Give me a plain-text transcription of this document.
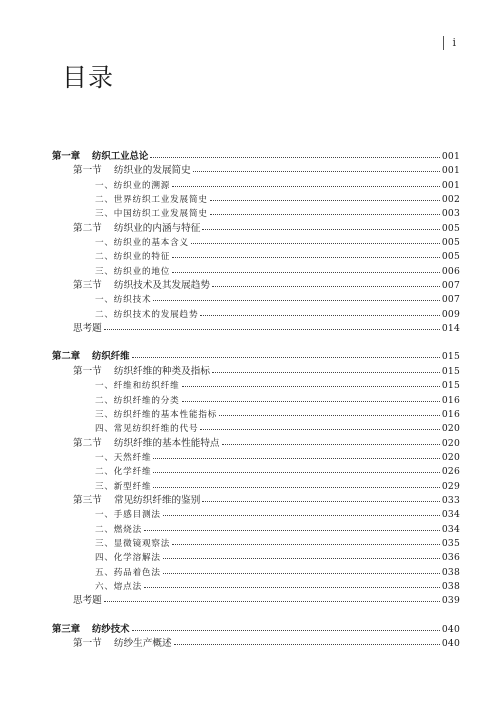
i
目录
第一章 纺织工业总论	001
第一节 纺织业的发展简史	001
一、纺织业的溯源	001
二、世界纺织工业发展简史	002
三、中国纺织工业发展简史	003
第二节 纺织业的内涵与特征	005
一、纺织业的基本含义	005
二、纺织业的特征	005
三、纺织业的地位	006
第三节 纺织技术及其发展趋势	007
一、纺织技术	007
二、纺织技术的发展趋势	009
思考题	014
第二章 纺织纤维	015
第一节 纺织纤维的种类及指标	015
一、纤维和纺织纤维	015
二、纺织纤维的分类	016
三、纺织纤维的基本性能指标	016
四、常见纺织纤维的代号	020
第二节 纺织纤维的基本性能特点	020
一、天然纤维	020
二、化学纤维	026
三、新型纤维	029
第三节 常见纺织纤维的鉴别	033
一、手感目测法	034
二、燃烧法	034
三、显微镜观察法	035
四、化学溶解法	036
五、药品着色法	038
六、熔点法	038
思考题	039
第三章 纺纱技术	040
第一节 纺纱生产概述	040
